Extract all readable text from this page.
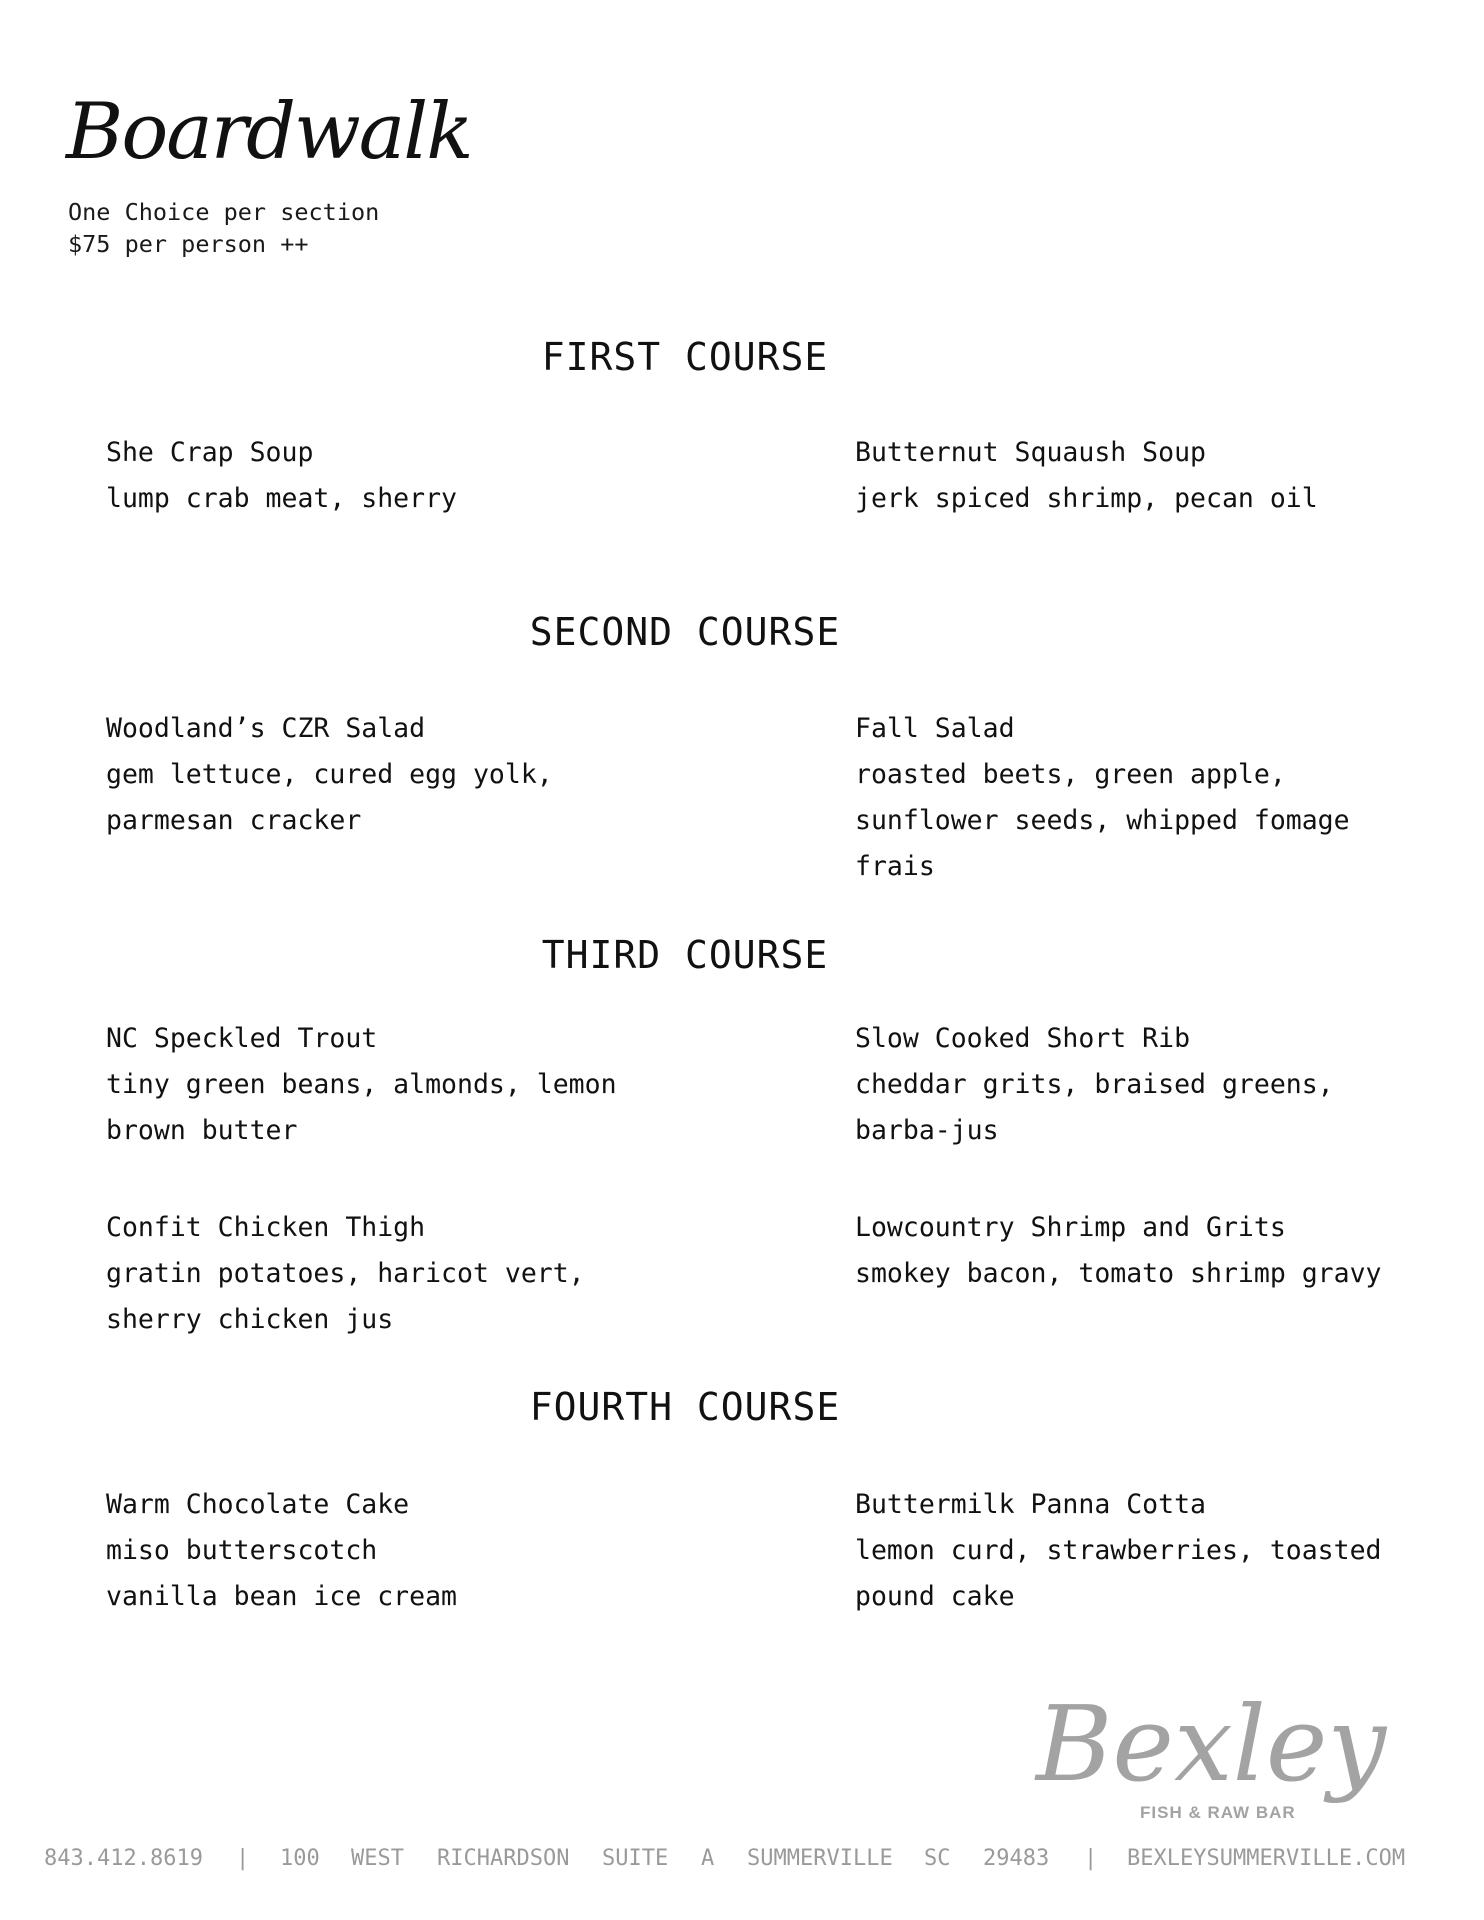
Boardwalk
One Choice per section
$75 per person ++
FIRST COURSE
She Crap Soup
lump crab meat, sherry
Butternut Squaush Soup
jerk spiced shrimp, pecan oil
SECOND COURSE
Woodland’s CZR Salad
gem lettuce, cured egg yolk,
parmesan cracker
Fall Salad
roasted beets, green apple,
sunflower seeds, whipped fomage
frais
THIRD COURSE
NC Speckled Trout
tiny green beans, almonds, lemon
brown butter
Slow Cooked Short Rib
cheddar grits, braised greens,
barba-jus
Confit Chicken Thigh
gratin potatoes, haricot vert,
sherry chicken jus
Lowcountry Shrimp and Grits
smokey bacon, tomato shrimp gravy
FOURTH COURSE
Warm Chocolate Cake
miso butterscotch
vanilla bean ice cream
Buttermilk Panna Cotta
lemon curd, strawberries, toasted
pound cake
Bexley
FISH & RAW BAR
843.412.8619 | 100 WEST RICHARDSON SUITE A SUMMERVILLE SC 29483 | BEXLEYSUMMERVILLE.COM
